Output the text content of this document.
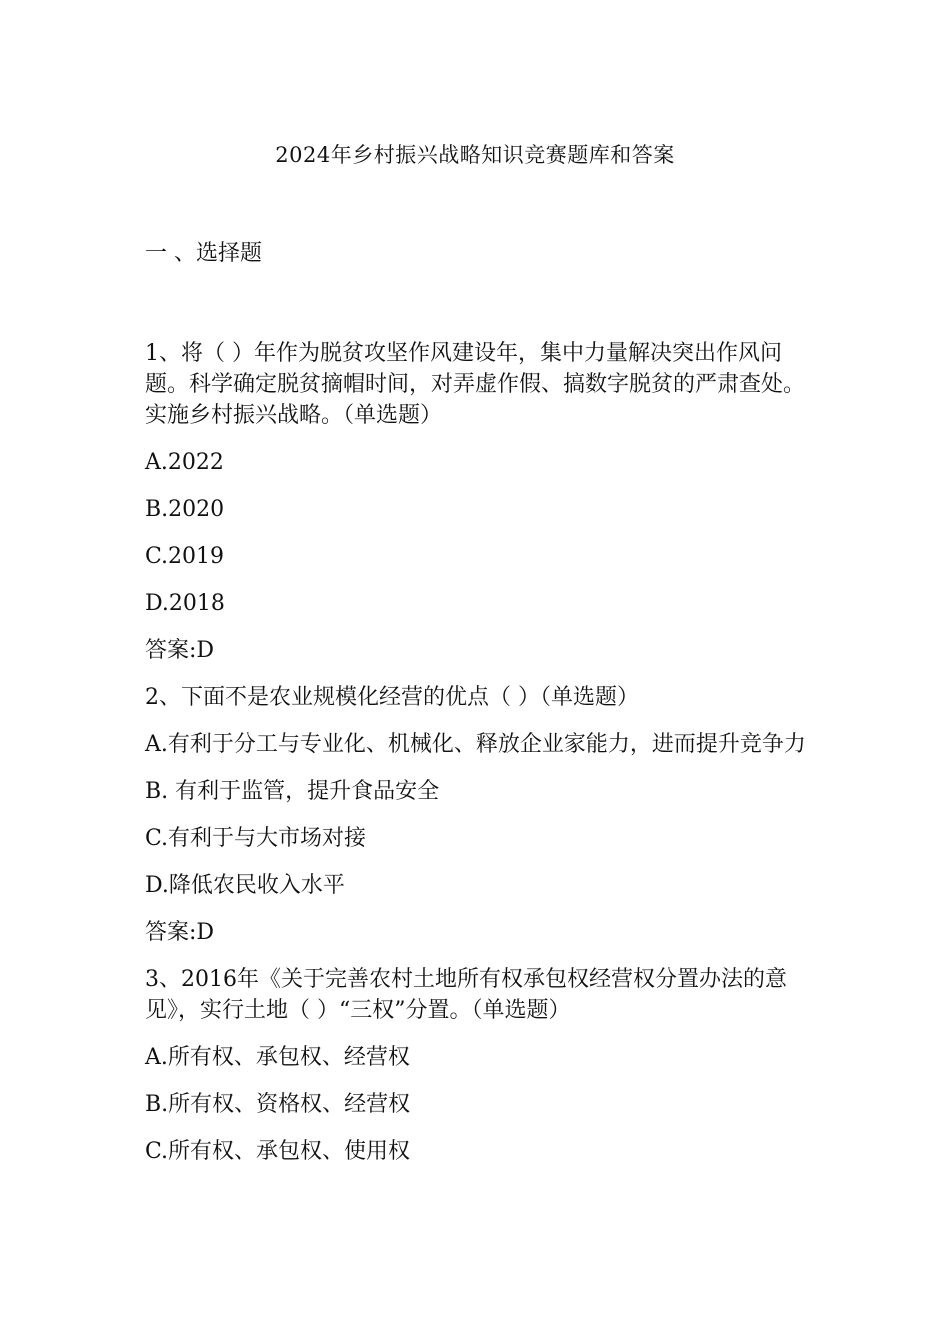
2024年乡村振兴战略知识竞赛题库和答案
一 、选择题
1、将（ ）年作为脱贫攻坚作风建设年，集中力量解决突出作风问题。科学确定脱贫摘帽时间，对弄虚作假、搞数字脱贫的严肃查处。实施乡村振兴战略。（单选题）
A.2022
B.2020
C.2019
D.2018
答案:D
2、下面不是农业规模化经营的优点（ ）（单选题）
A.有利于分工与专业化、机械化、释放企业家能力，进而提升竞争力
B. 有利于监管，提升食品安全
C.有利于与大市场对接
D.降低农民收入水平
答案:D
3、2016年《关于完善农村土地所有权承包权经营权分置办法的意见》，实行土地（ ）“三权”分置。（单选题）
A.所有权、承包权、经营权
B.所有权、资格权、经营权
C.所有权、承包权、使用权
